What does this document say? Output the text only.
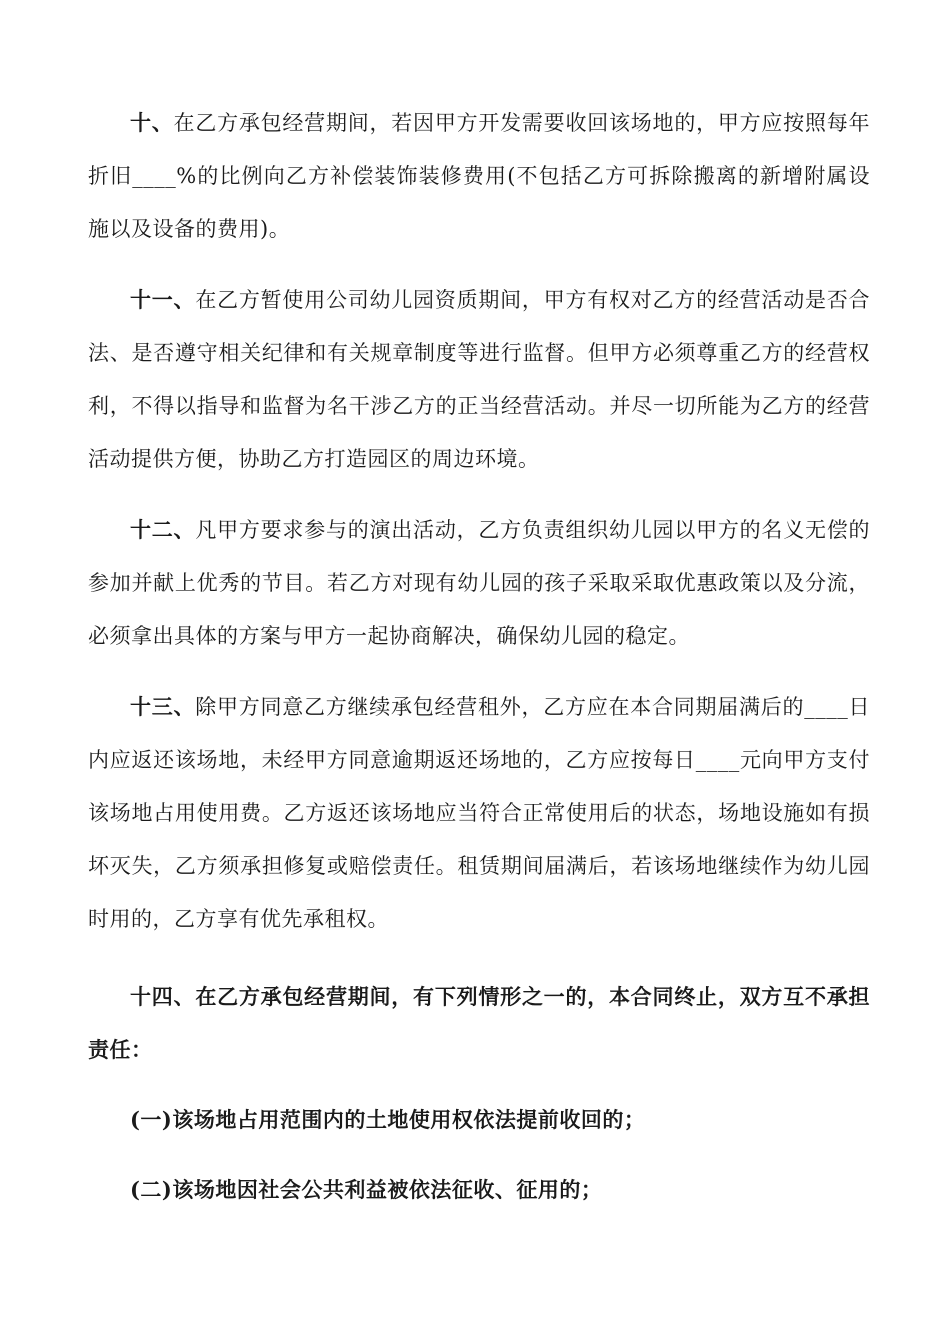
十、在乙方承包经营期间，若因甲方开发需要收回该场地的，甲方应按照每年折旧____%的比例向乙方补偿装饰装修费用(不包括乙方可拆除搬离的新增附属设施以及设备的费用)。

十一、在乙方暂使用公司幼儿园资质期间，甲方有权对乙方的经营活动是否合法、是否遵守相关纪律和有关规章制度等进行监督。但甲方必须尊重乙方的经营权利，不得以指导和监督为名干涉乙方的正当经营活动。并尽一切所能为乙方的经营活动提供方便，协助乙方打造园区的周边环境。

十二、凡甲方要求参与的演出活动，乙方负责组织幼儿园以甲方的名义无偿的参加并献上优秀的节目。若乙方对现有幼儿园的孩子采取采取优惠政策以及分流，必须拿出具体的方案与甲方一起协商解决，确保幼儿园的稳定。

十三、除甲方同意乙方继续承包经营租外，乙方应在本合同期届满后的____日内应返还该场地，未经甲方同意逾期返还场地的，乙方应按每日____元向甲方支付该场地占用使用费。乙方返还该场地应当符合正常使用后的状态，场地设施如有损坏灭失，乙方须承担修复或赔偿责任。租赁期间届满后，若该场地继续作为幼儿园时用的，乙方享有优先承租权。

十四、在乙方承包经营期间，有下列情形之一的，本合同终止，双方互不承担责任：

(一)该场地占用范围内的土地使用权依法提前收回的；

(二)该场地因社会公共利益被依法征收、征用的；
